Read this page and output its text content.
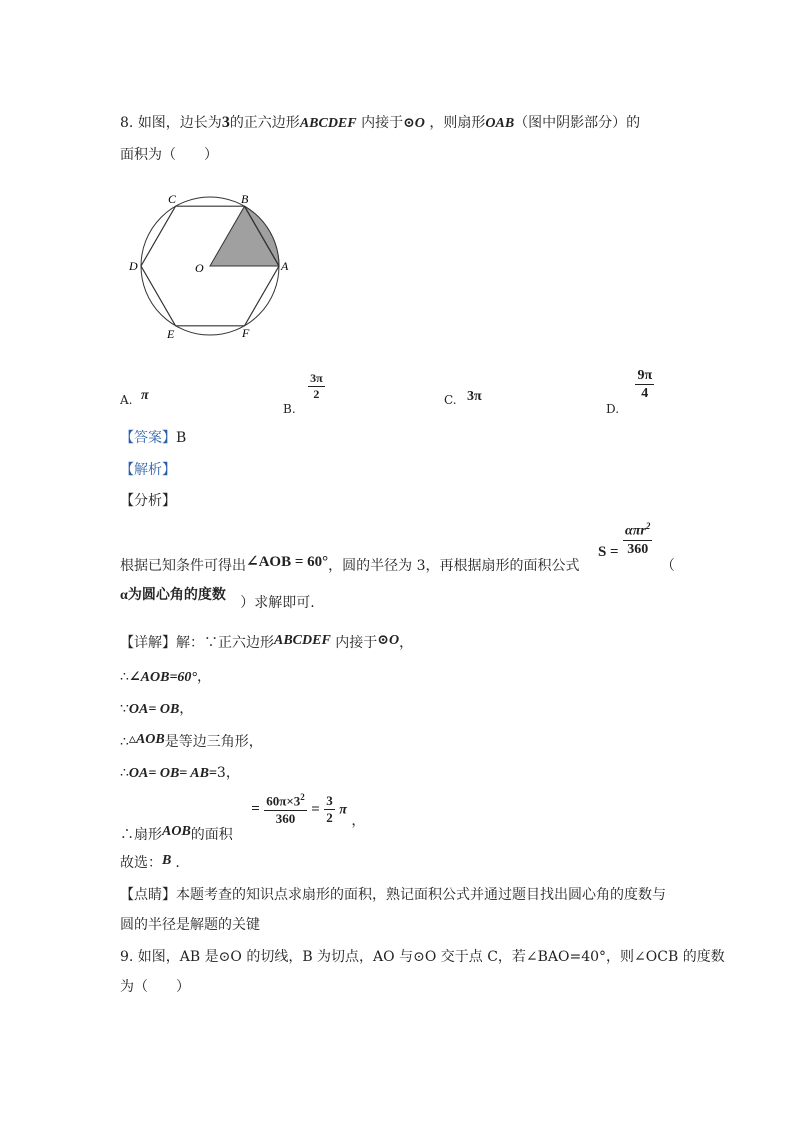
8. 如图，边长为3的正六边形ABCDEF 内接于⊙O ，则扇形OAB（图中阴影部分）的
面积为（　　）
B
C
D	O	A
E	F
A. π
B.
$\frac{3\pi}{2}$	C. 3π
D.
$\frac{9\pi}{4}$
【答案】B
【解析】
【分析】
根据已知条件可得出∠AOB = 60°，圆的半径为 3，再根据扇形的面积公式 $S = \frac{\alpha\pi r^2}{360}$
（
α为圆心角的度数 ）求解即可.
【详解】解：∵正六边形ABCDEF 内接于⊙O，
∴∠AOB=60°，
∵OA= OB，
∴▵AOB是等边三角形，
∴OA= OB= AB=3，
∴扇形AOB的面积 = $\frac{60\pi\times 3^2}{360} = \frac{3}{2}$ π ，
故选：B .
【点睛】本题考查的知识点求扇形的面积，熟记面积公式并通过题目找出圆心角的度数与
圆的半径是解题的关键
9. 如图，AB 是⊙O 的切线，B 为切点，AO 与⊙O 交于点 C，若∠BAO=40°，则∠OCB 的度数
为（　　）
